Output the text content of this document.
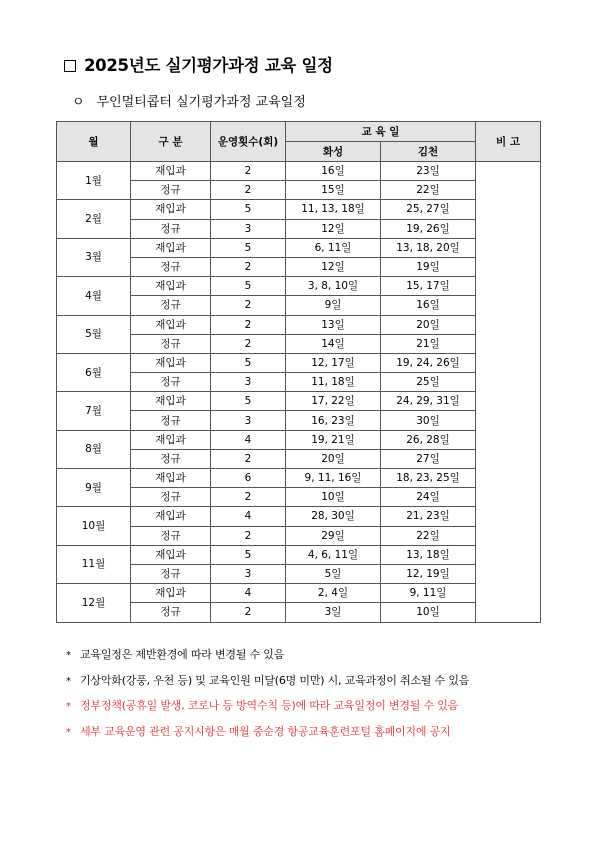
2025년도 실기평가과정 교육 일정
ㅇ 무인멀티콥터 실기평가과정 교육일정
월	구 분	운영횟수(회)	교 육 일		비 고
			화성	김천	
1월	재입과	2	16일	23일	
	정규	2	15일	22일	
2월	재입과	5	11, 13, 18일	25, 27일	
	정규	3	12일	19, 26일	
3월	재입과	5	6, 11일	13, 18, 20일	
	정규	2	12일	19일	
4월	재입과	5	3, 8, 10일	15, 17일	
	정규	2	9일	16일	
5월	재입과	2	13일	20일	
	정규	2	14일	21일	
6월	재입과	5	12, 17일	19, 24, 26일	
	정규	3	11, 18일	25일	
7월	재입과	5	17, 22일	24, 29, 31일	
	정규	3	16, 23일	30일	
8월	재입과	4	19, 21일	26, 28일	
	정규	2	20일	27일	
9월	재입과	6	9, 11, 16일	18, 23, 25일	
	정규	2	10일	24일	
10월	재입과	4	28, 30일	21, 23일	
	정규	2	29일	22일	
11월	재입과	5	4, 6, 11일	13, 18일	
	정규	3	5일	12, 19일	
12월	재입과	4	2, 4일	9, 11일	
	정규	2	3일	10일	
* 교육일정은 제반환경에 따라 변경될 수 있음
* 기상악화(강풍, 우천 등) 및 교육인원 미달(6명 미만) 시, 교육과정이 취소될 수 있음
* 정부정책(공휴일 발생, 코로나 등 방역수칙 등)에 따라 교육일정이 변경될 수 있음
* 세부 교육운영 관련 공지시항은 매월 중순경 항공교육훈련포털 홈페이지에 공지
